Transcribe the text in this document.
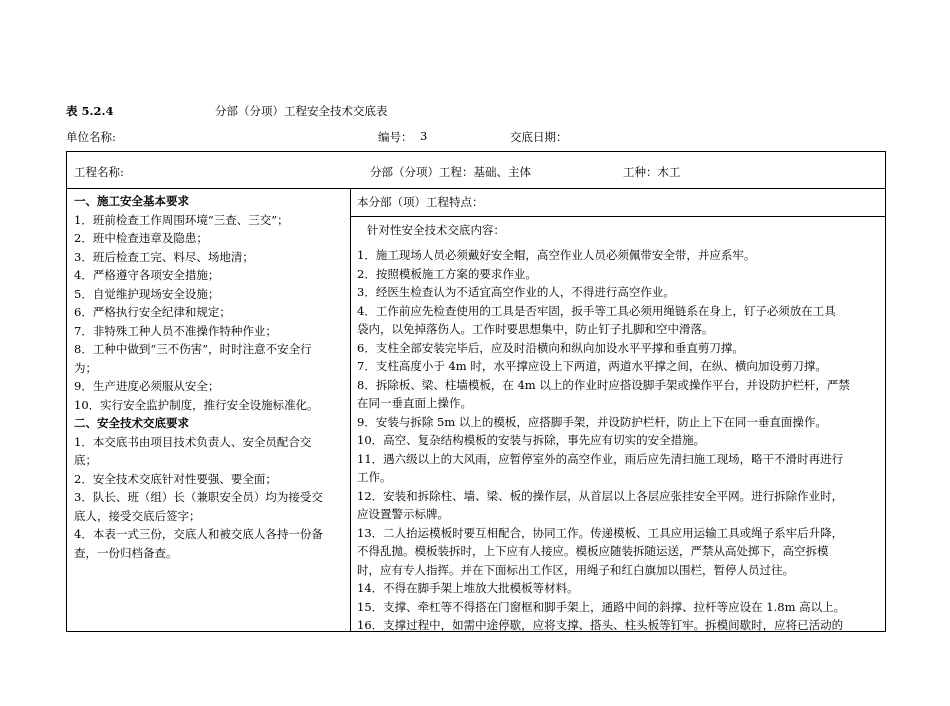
表 5.2.4	分部（分项）工程安全技术交底表
单位名称:	编号： 3	交底日期：
工程名称:	分部（分项）工程：基础、主体	工种：木工
一、施工安全基本要求
1．班前检查工作周围环境“三查、三交”；
2．班中检查违章及隐患；
3．班后检查工完、料尽、场地清；
4．严格遵守各项安全措施；
5．自觉维护现场安全设施；
6．严格执行安全纪律和规定；
7．非特殊工种人员不准操作特种作业；
8．工种中做到“三不伤害”，时时注意不安全行
为；
9．生产进度必须服从安全；
10．实行安全监护制度，推行安全设施标准化。
二、安全技术交底要求
1．本交底书由项目技术负责人、安全员配合交
底；
2．安全技术交底针对性要强、要全面；
3．队长、班（组）长（兼职安全员）均为接受交
底人，接受交底后签字；
4．本表一式三份，交底人和被交底人各持一份备
查，一份归档备查。
本分部（项）工程特点：
针对性安全技术交底内容：
1．施工现场人员必须戴好安全帽，高空作业人员必须佩带安全带，并应系牢。
2．按照模板施工方案的要求作业。
3．经医生检查认为不适宜高空作业的人，不得进行高空作业。
4．工作前应先检查使用的工具是否牢固，扳手等工具必须用绳链系在身上，钉子必须放在工具
袋内，以免掉落伤人。工作时要思想集中，防止钉子扎脚和空中滑落。
6．支柱全部安装完毕后，应及时沿横向和纵向加设水平平撑和垂直剪刀撑。
7．支柱高度小于 4m 时，水平撑应设上下两道，两道水平撑之间，在纵、横向加设剪刀撑。
8．拆除板、梁、柱墙模板，在 4m 以上的作业时应搭设脚手架或操作平台，并设防护栏杆，严禁
在同一垂直面上操作。
9．安装与拆除 5m 以上的模板，应搭脚手架，并设防护栏杆，防止上下在同一垂直面操作。
10．高空、复杂结构模板的安装与拆除，事先应有切实的安全措施。
11．遇六级以上的大风雨，应暂停室外的高空作业，雨后应先清扫施工现场，略干不滑时再进行
工作。
12．安装和拆除柱、墙、梁、板的操作层，从首层以上各层应张挂安全平网。进行拆除作业时，
应设置警示标牌。
13．二人抬运模板时要互相配合，协同工作。传递模板、工具应用运输工具或绳子系牢后升降，
不得乱抛。模板装拆时，上下应有人接应。模板应随装拆随运送，严禁从高处掷下，高空拆模
时，应有专人指挥。并在下面标出工作区，用绳子和红白旗加以围栏，暂停人员过往。
14．不得在脚手架上堆放大批模板等材料。
15．支撑、牵杠等不得搭在门窗框和脚手架上，通路中间的斜撑、拉杆等应设在 1.8m 高以上。
16．支撑过程中，如需中途停歇，应将支撑、搭头、柱头板等钉牢。拆模间歇时，应将已活动的
